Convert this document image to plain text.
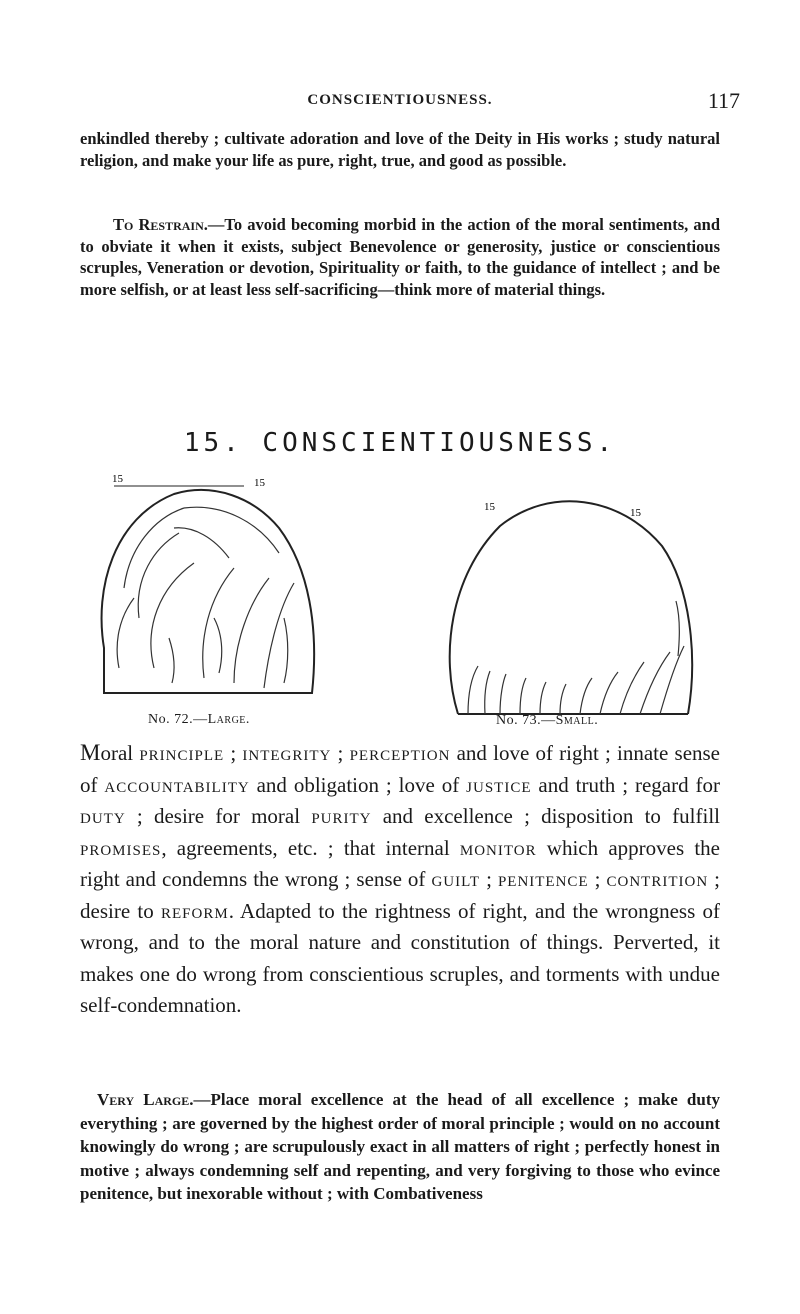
CONSCIENTIOUSNESS.	117
enkindled thereby ; cultivate adoration and love of the Deity in His works ; study natural religion, and make your life as pure, right, true, and good as possible.
  To Restrain.—To avoid becoming morbid in the action of the moral sentiments, and to obviate it when it exists, subject Benevolence or generosity, justice or conscientious scruples, Veneration or devotion, Spirituality or faith, to the guidance of intellect ; and be more selfish, or at least less self-sacrificing—think more of material things.
15. CONSCIENTIOUSNESS.
15	15
No. 72.—Large.
15	15
No. 73.—Small.
Moral principle ; integrity ; perception and love of right ; innate sense of accountability and obligation ; love of justice and truth ; regard for duty ; desire for moral purity and excellence ; disposition to fulfill promises, agreements, etc. ; that internal monitor which approves the right and condemns the wrong ; sense of guilt ; penitence ; contrition ; desire to reform. Adapted to the rightness of right, and the wrongness of wrong, and to the moral nature and constitution of things. Perverted, it makes one do wrong from conscientious scruples, and torments with undue self-condemnation.
 Very Large.—Place moral excellence at the head of all excellence ; make duty everything ; are governed by the highest order of moral principle ; would on no account knowingly do wrong ; are scrupulously exact in all matters of right ; perfectly honest in motive ; always condemning self and repenting, and very forgiving to those who evince penitence, but inexorable without ; with Combativeness
